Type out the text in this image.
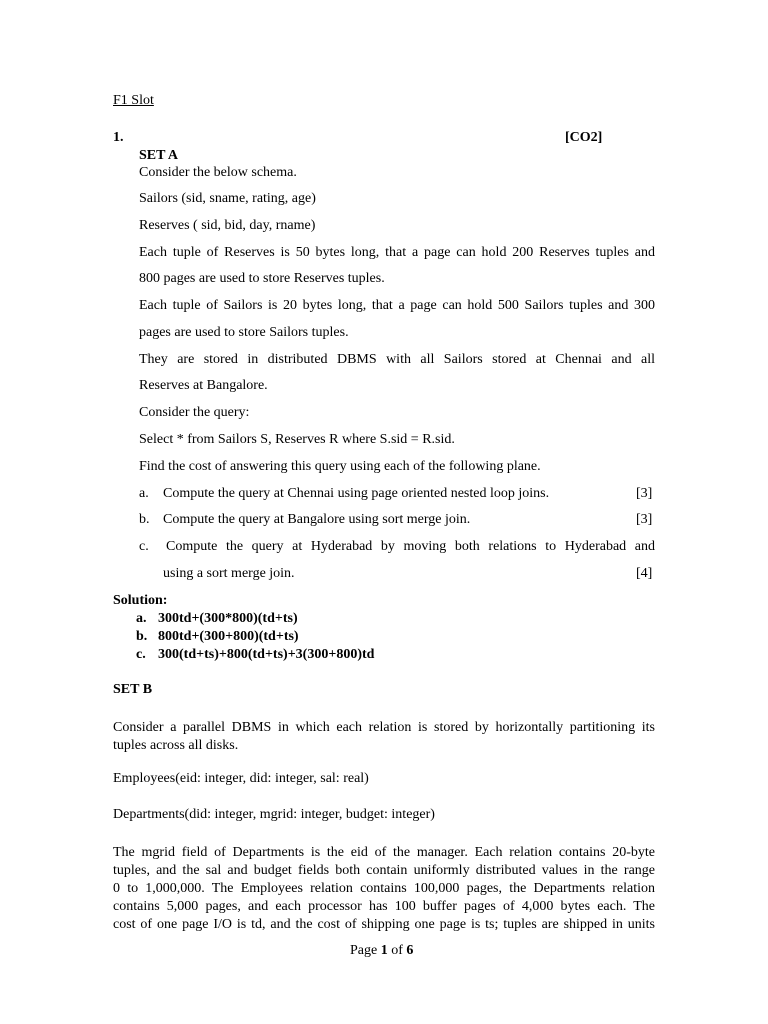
F1 Slot
1.	[CO2]
SET A
Consider the below schema.
Sailors (sid, sname, rating, age)
Reserves ( sid, bid, day, rname)
Each tuple of Reserves is 50 bytes long, that a page can hold 200 Reserves tuples and
800 pages are used to store Reserves tuples.
Each tuple of Sailors is 20 bytes long, that a page can hold 500 Sailors tuples and 300
pages are used to store Sailors tuples.
They are stored in distributed DBMS with all Sailors stored at Chennai and all
Reserves at Bangalore.
Consider the query:
Select * from Sailors S, Reserves R where S.sid = R.sid.
Find the cost of answering this query using each of the following plane.
a. Compute the query at Chennai using page oriented nested loop joins.	[3]
b. Compute the query at Bangalore using sort merge join.	[3]
c. Compute the query at Hyderabad by moving both relations to Hyderabad and
using a sort merge join.	[4]
Solution:
a. 300td+(300*800)(td+ts)
b. 800td+(300+800)(td+ts)
c. 300(td+ts)+800(td+ts)+3(300+800)td
SET B
Consider a parallel DBMS in which each relation is stored by horizontally partitioning its
tuples across all disks.
Employees(eid: integer, did: integer, sal: real)
Departments(did: integer, mgrid: integer, budget: integer)
The mgrid field of Departments is the eid of the manager. Each relation contains 20-byte
tuples, and the sal and budget fields both contain uniformly distributed values in the range
0 to 1,000,000. The Employees relation contains 100,000 pages, the Departments relation
contains 5,000 pages, and each processor has 100 buffer pages of 4,000 bytes each. The
cost of one page I/O is td, and the cost of shipping one page is ts; tuples are shipped in units
Page 1 of 6
